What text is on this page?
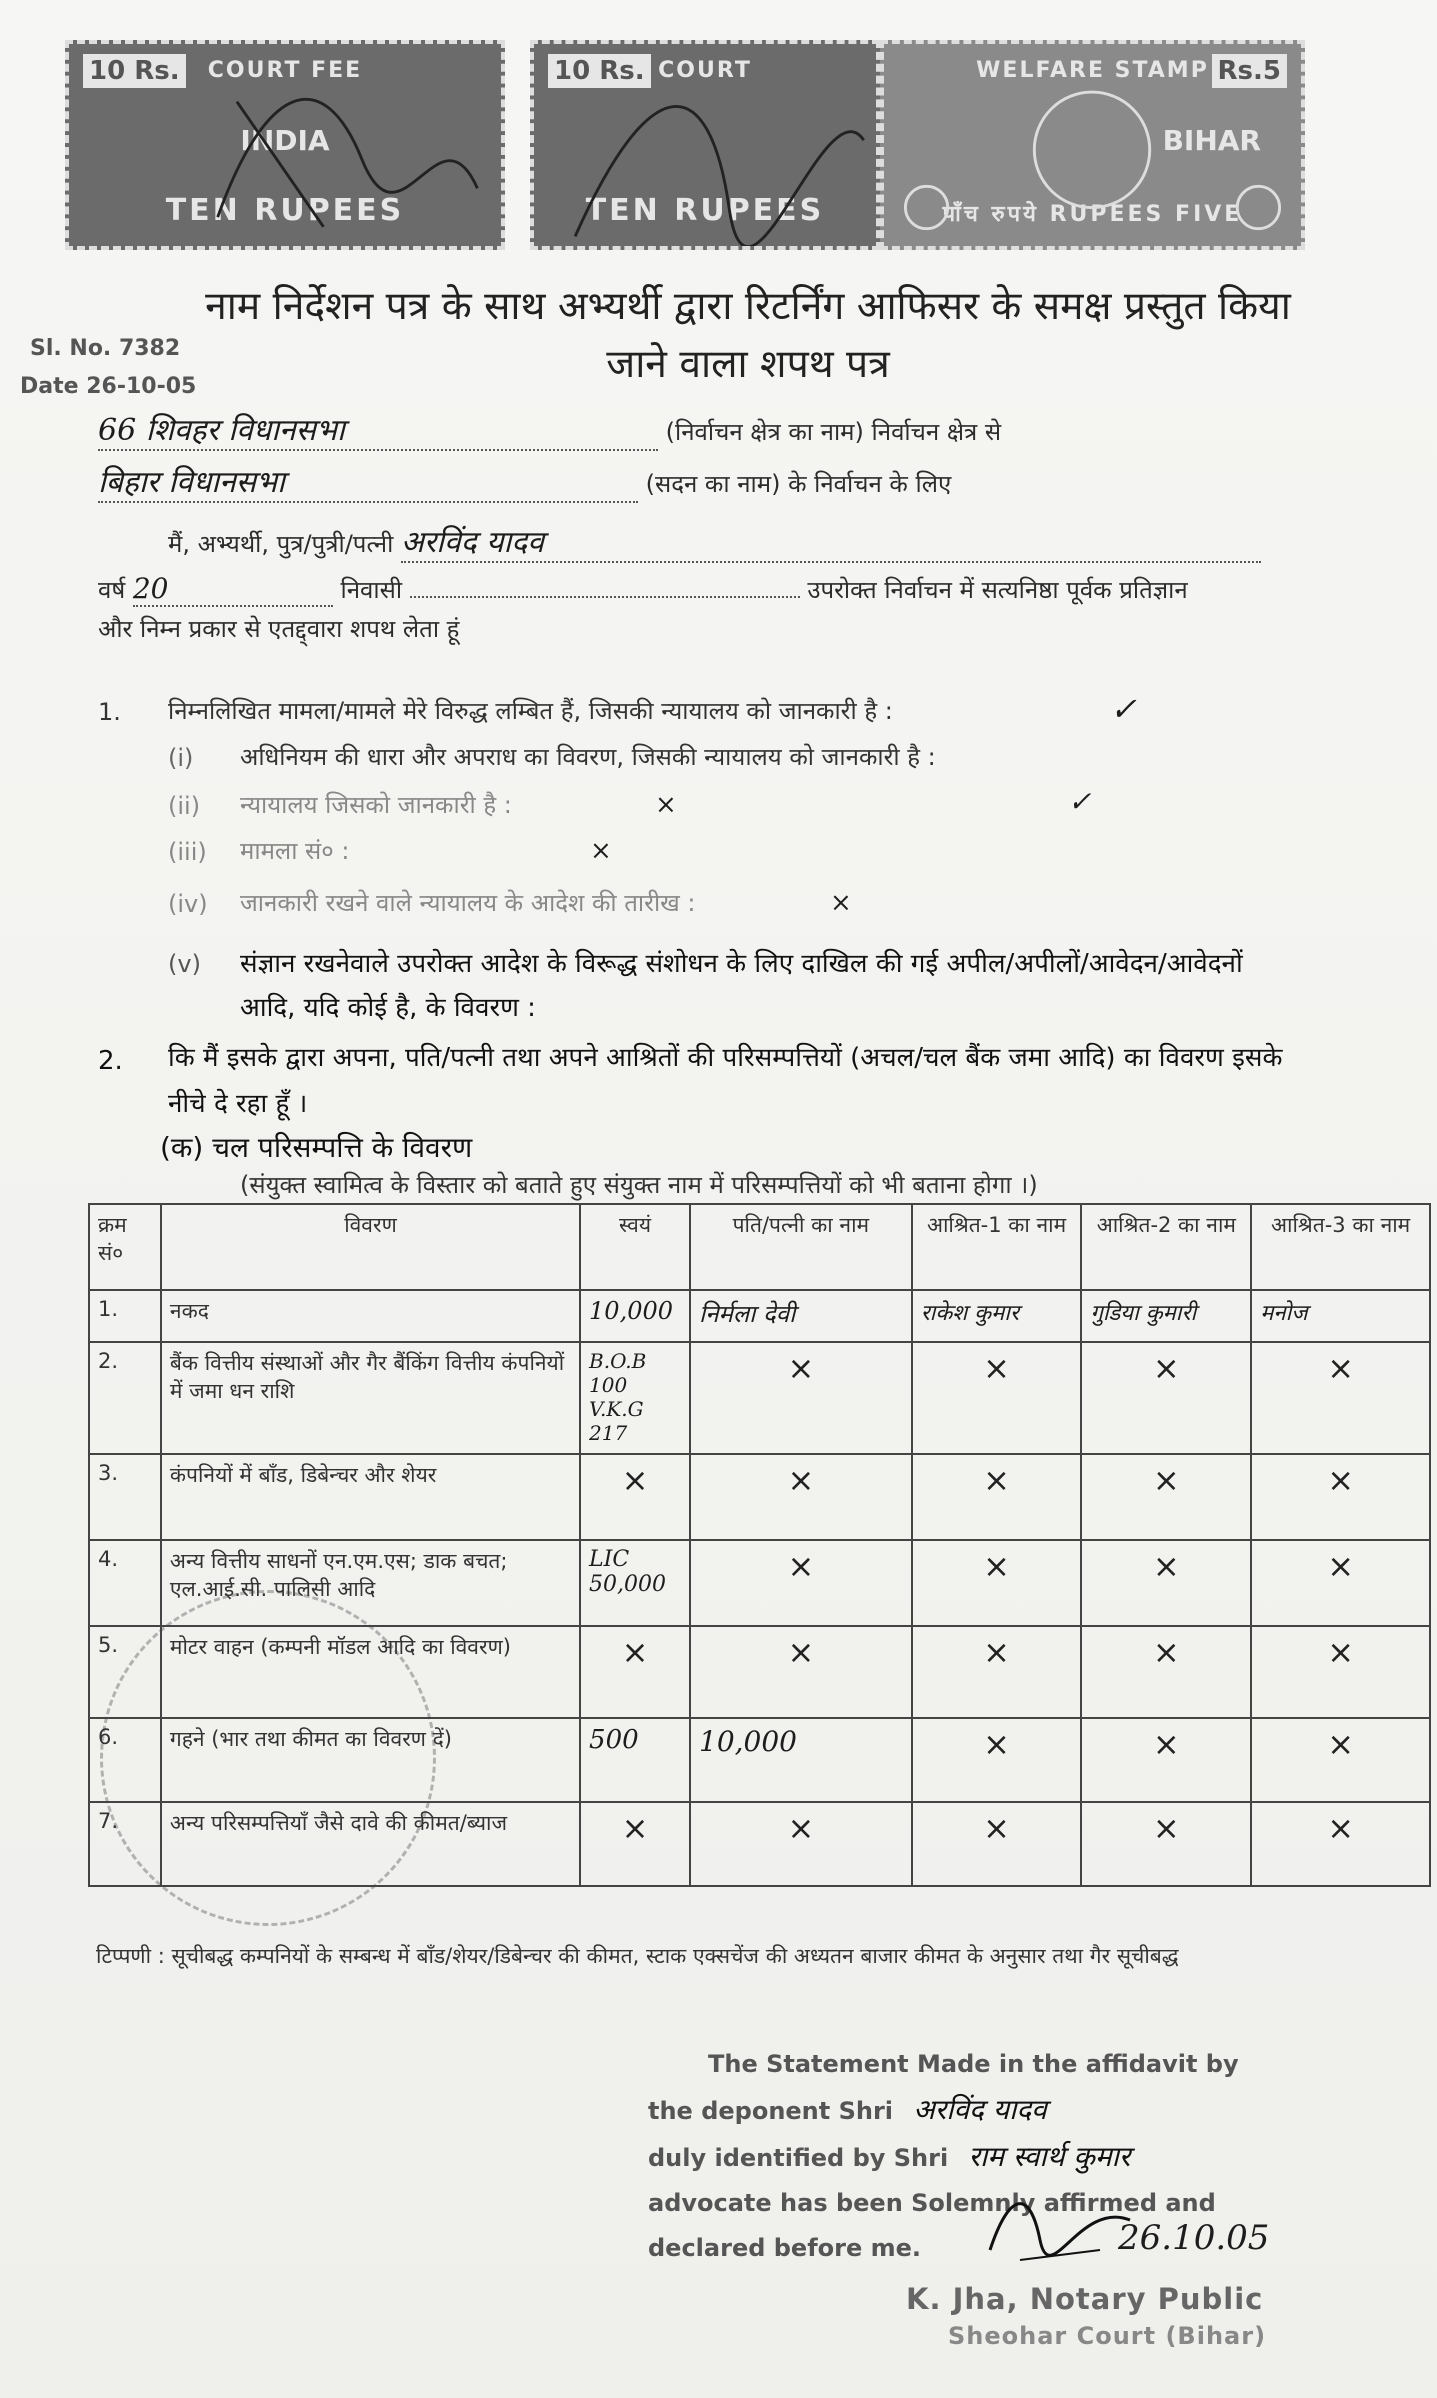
10 Rs.	COURT FEE
INDIA
TEN RUPEES
10 Rs. COURT
TEN RUPEES
Rs.5
WELFARE STAMP
BIHAR
पाँच रुपये RUPEES FIVE
नाम निर्देशन पत्र के साथ अभ्यर्थी द्वारा रिटर्निंग आफिसर के समक्ष प्रस्तुत किया
जाने वाला शपथ पत्र
Sl. No. 7382
Date 26-10-05
66 शिवहर विधानसभा	(निर्वाचन क्षेत्र का नाम) निर्वाचन क्षेत्र से
बिहार विधानसभा	(सदन का नाम) के निर्वाचन के लिए
मैं, अभ्यर्थी, पुत्र/पुत्री/पत्नी अरविंद यादव
वर्ष 20	निवासी	उपरोक्त निर्वाचन में सत्यनिष्ठा पूर्वक प्रतिज्ञान
और निम्न प्रकार से एतद्द्वारा शपथ लेता हूं
1. निम्नलिखित मामला/मामले मेरे विरुद्ध लम्बित हैं, जिसकी न्यायालय को जानकारी है :
(i) अधिनियम की धारा और अपराध का विवरण, जिसकी न्यायालय को जानकारी है :
(ii) न्यायालय जिसको जानकारी है :
(iii) मामला सं० :
(iv) जानकारी रखने वाले न्यायालय के आदेश की तारीख :
(v) संज्ञान रखनेवाले उपरोक्त आदेश के विरूद्ध संशोधन के लिए दाखिल की गई अपील/अपीलों/आवेदन/आवेदनों
आदि, यदि कोई है, के विवरण :
✓
×	✓
×
×
2. कि मैं इसके द्वारा अपना, पति/पत्नी तथा अपने आश्रितों की परिसम्पत्तियों (अचल/चल बैंक जमा आदि) का विवरण इसके
नीचे दे रहा हूँ ।
(क) चल परिसम्पत्ति के विवरण
(संयुक्त स्वामित्व के विस्तार को बताते हुए संयुक्त नाम में परिसम्पत्तियों को भी बताना होगा ।)
क्रम सं०	विवरण	स्वयं	पति/पत्नी का नाम	आश्रित-1 का नाम	आश्रित-2 का नाम	आश्रित-3 का नाम
1.	नकद	10,000	निर्मला देवी	राकेश कुमार	गुडिया कुमारी	मनोज
2.	बैंक वित्तीय संस्थाओं और गैर बैंकिंग वित्तीय कंपनियों में जमा धन राशि	B.O.B 100 V.K.G 217	×	×	×	×
3.	कंपनियों में बाँड, डिबेन्चर और शेयर	×	×	×	×	×
4.	अन्य वित्तीय साधनों एन.एम.एस; डाक बचत; एल.आई.सी. पालिसी आदि	LIC 50,000	×	×	×	×
5.	मोटर वाहन (कम्पनी मॉडल आदि का विवरण)	×	×	×	×	×
6.	गहने (भार तथा कीमत का विवरण दें)	500	10,000	×	×	×
7.	अन्य परिसम्पत्तियाँ जैसे दावे की कीमत/ब्याज	×	×	×	×	×
टिप्पणी : सूचीबद्ध कम्पनियों के सम्बन्ध में बाँड/शेयर/डिबेन्चर की कीमत, स्टाक एक्सचेंज की अध्यतन बाजार कीमत के अनुसार तथा गैर सूचीबद्ध
The Statement Made in the affidavit by
the deponent Shri अरविंद यादव
duly identified by Shri राम स्वार्थ कुमार
advocate has been Solemnly affirmed and
declared before me.	26.10.05
K. Jha, Notary Public
Sheohar Court (Bihar)
